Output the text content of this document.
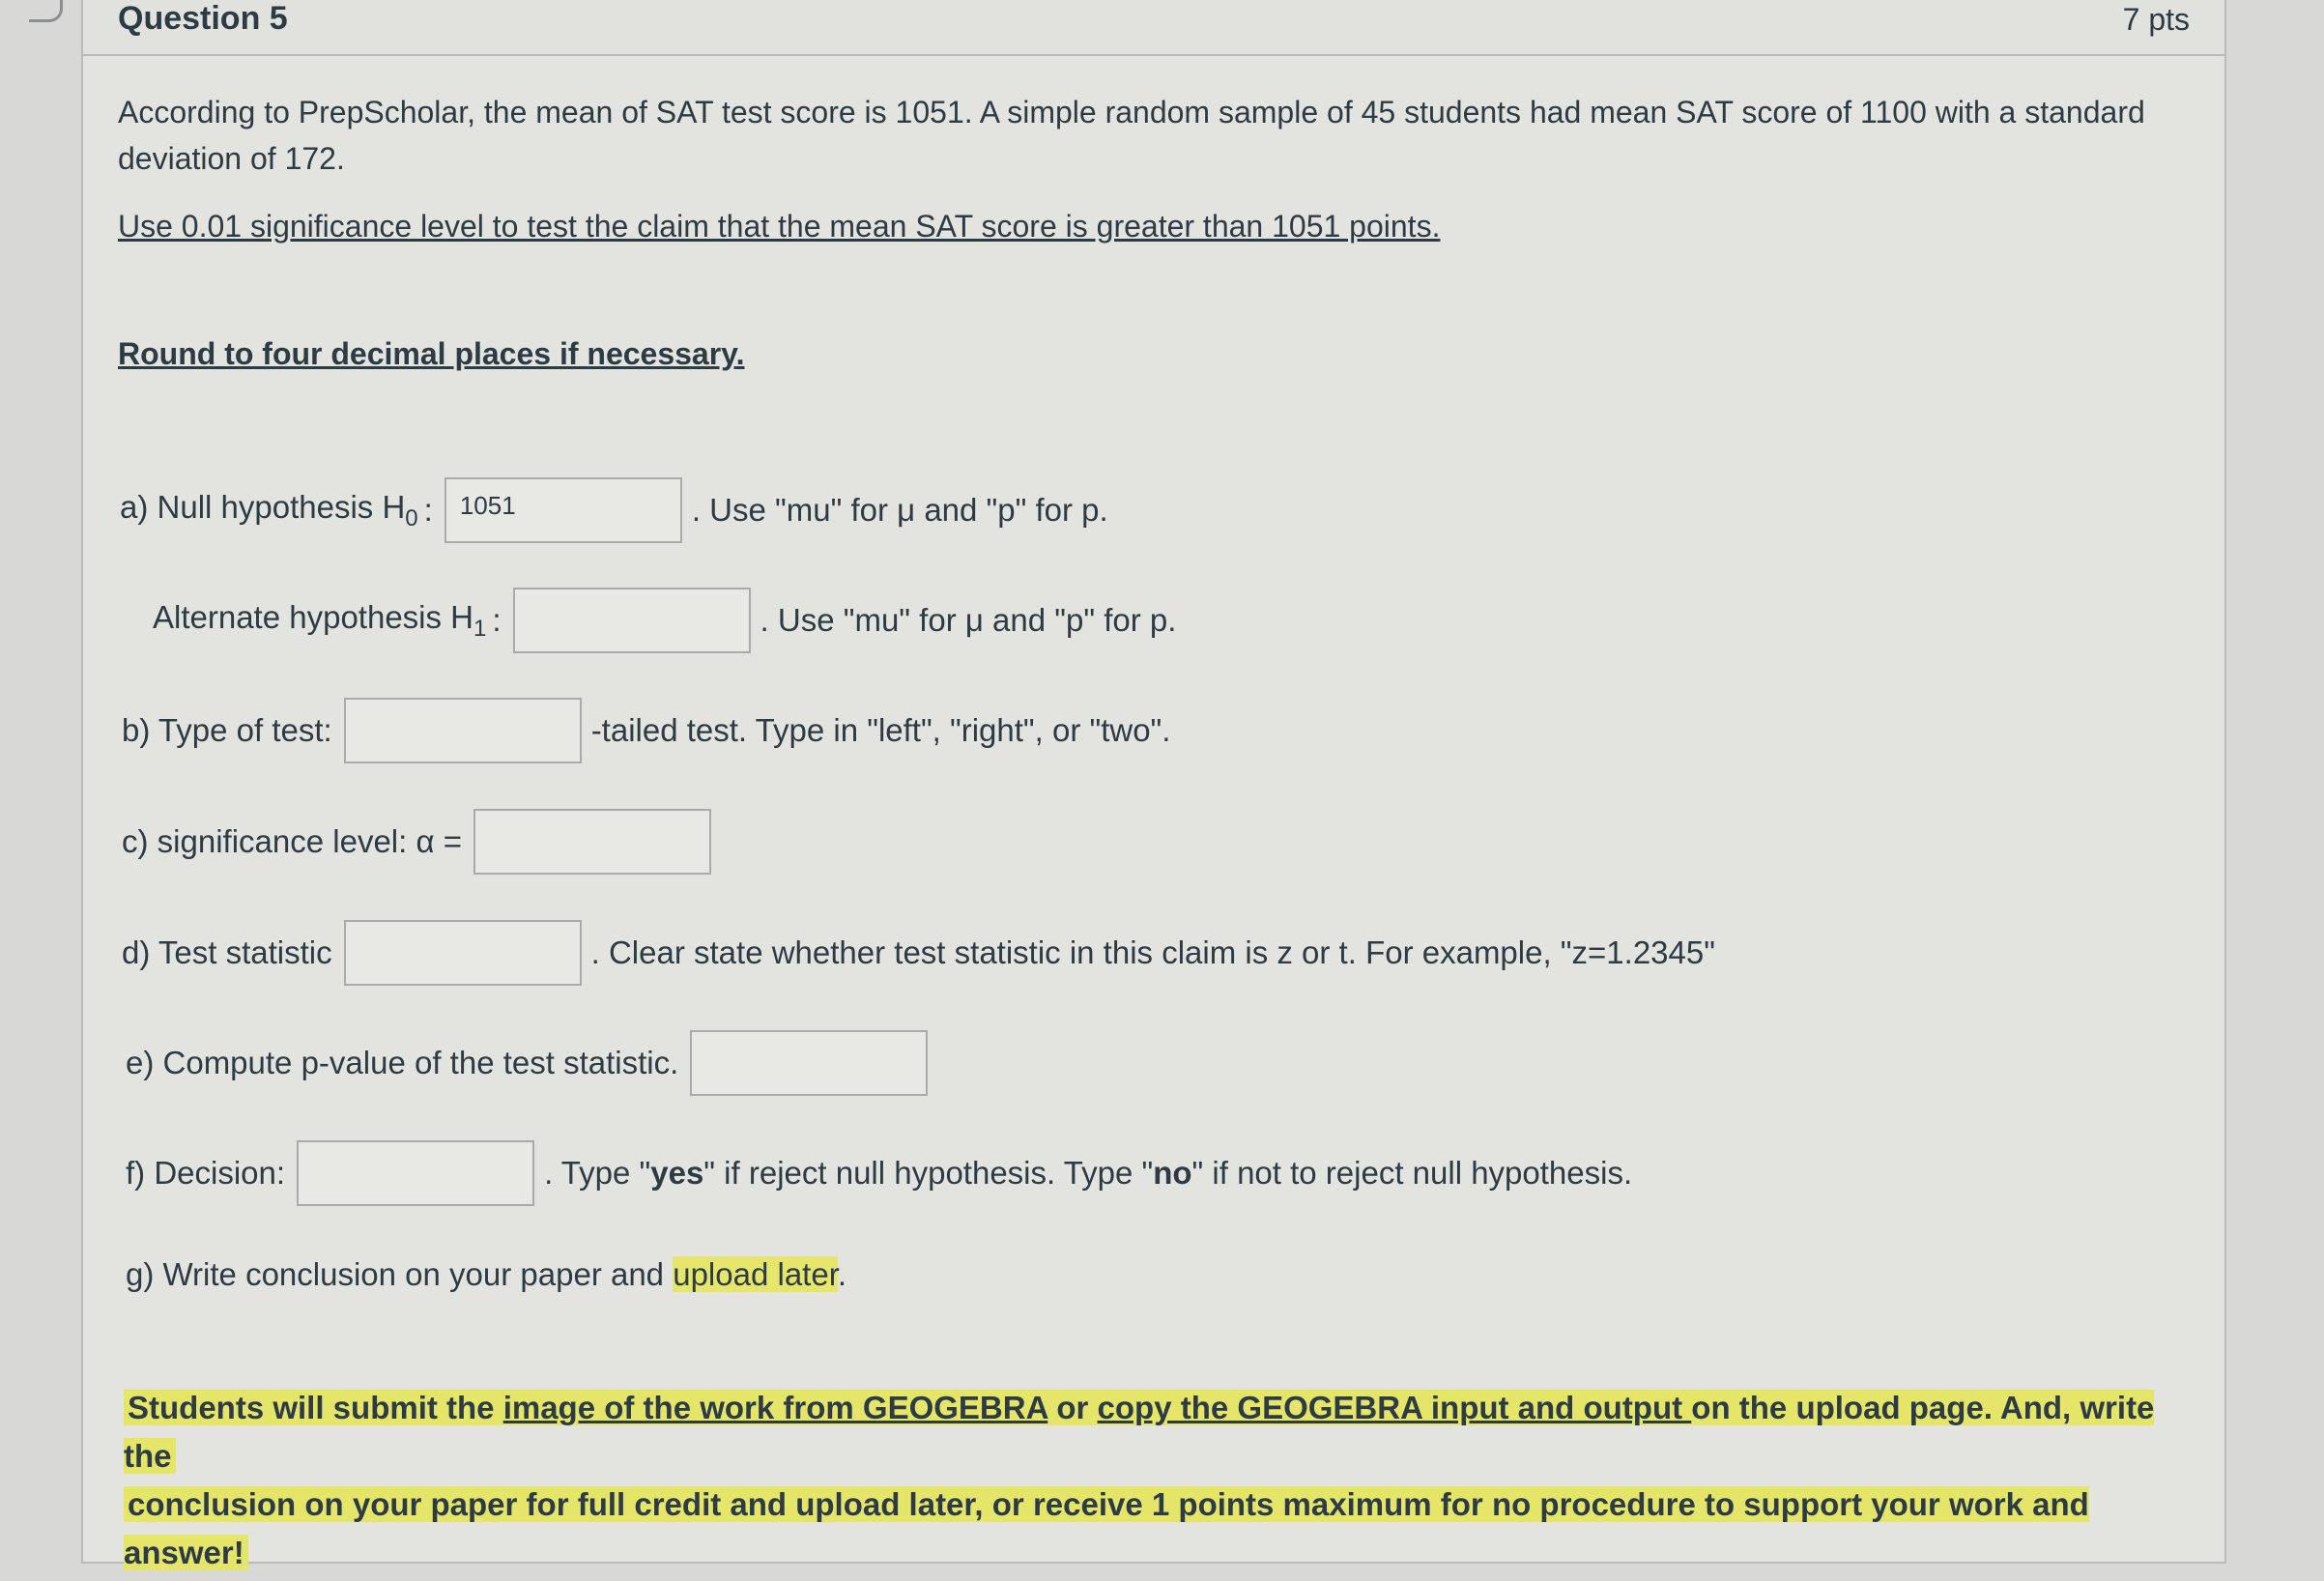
Question 5	7 pts

According to PrepScholar, the mean of SAT test score is 1051. A simple random sample of 45 students had mean SAT score of 1100 with a standard deviation of 172.

Use 0.01 significance level to test the claim that the mean SAT score is greater than 1051 points.

Round to four decimal places if necessary.

a) Null hypothesis $H_0$ :	1051	. Use "mu" for μ and "p" for p.
Alternate hypothesis $H_1$ :	. Use "mu" for μ and "p" for p.
b) Type of test:	-tailed test. Type in "left", "right", or "two".
c) significance level: α =
d) Test statistic	. Clear state whether test statistic in this claim is z or t. For example, "z=1.2345"
e) Compute p-value of the test statistic.
f) Decision:	. Type "yes" if reject null hypothesis. Type "no" if not to reject null hypothesis.
g) Write conclusion on your paper and upload later.
Students will submit the image of the work from GEOGEBRA or copy the GEOGEBRA input and output on the upload page. And, write the
conclusion on your paper for full credit and upload later, or receive 1 points maximum for no procedure to support your work and answer!
